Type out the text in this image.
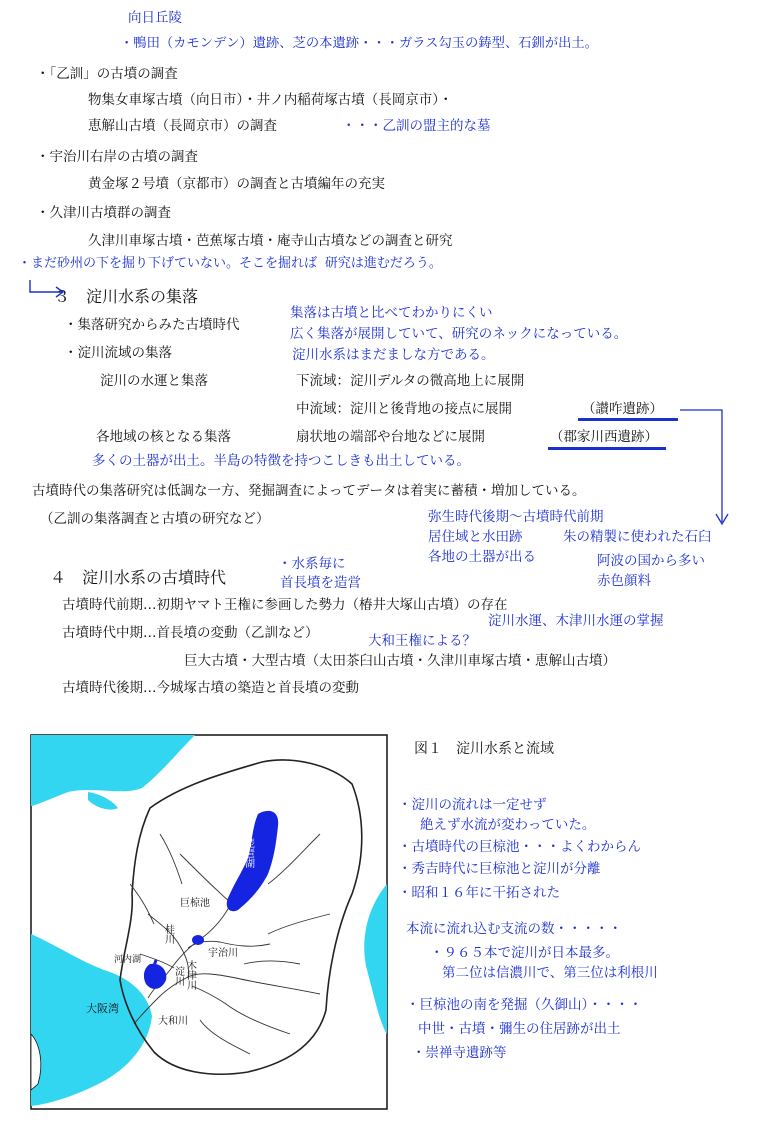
向日丘陵
・鴨田（カモンデン）遺跡、芝の本遺跡・・・ガラス勾玉の鋳型、石釧が出土。
・「乙訓」の古墳の調査
物集女車塚古墳（向日市）・井ノ内稲荷塚古墳（長岡京市）・
恵解山古墳（長岡京市）の調査	・・・乙訓の盟主的な墓
・宇治川右岸の古墳の調査
黄金塚２号墳（京都市）の調査と古墳編年の充実
・久津川古墳群の調査
久津川車塚古墳・芭蕉塚古墳・庵寺山古墳などの調査と研究
・まだ砂州の下を掘り下げていない。そこを掘れば 研究は進むだろう。
３　淀川水系の集落
・集落研究からみた古墳時代
・淀川流域の集落
集落は古墳と比べてわかりにくい
広く集落が展開していて、研究のネックになっている。
淀川水系はまだましな方である。
淀川の水運と集落	下流域：淀川デルタの微高地上に展開
中流域：淀川と後背地の接点に展開	（讃咋遺跡）
各地域の核となる集落	扇状地の端部や台地などに展開	（郡家川西遺跡）
多くの土器が出土。半島の特徴を持つこしきも出土している。
古墳時代の集落研究は低調な一方、発掘調査によってデータは着実に蓄積・増加している。
（乙訓の集落調査と古墳の研究など）	弥生時代後期～古墳時代前期
居住域と水田跡	朱の精製に使われた石臼
各地の土器が出る	阿波の国から多い
赤色顔料
・水系毎に
首長墳を造営
４　淀川水系の古墳時代
古墳時代前期…初期ヤマト王権に参画した勢力（椿井大塚山古墳）の存在
淀川水運、木津川水運の掌握
古墳時代中期…首長墳の変動（乙訓など）	大和王権による？
巨大古墳・大型古墳（太田茶臼山古墳・久津川車塚古墳・恵解山古墳）
古墳時代後期…今城塚古墳の築造と首長墳の変動
琵琶湖
巨椋池
桂川
宇治川
木津川
淀川
大和川
河内湖
大阪湾
図１　淀川水系と流域
・淀川の流れは一定せず
絶えず水流が変わっていた。
・古墳時代の巨椋池・・・よくわからん
・秀吉時代に巨椋池と淀川が分離
・昭和１６年に干拓された
本流に流れ込む支流の数・・・・・
・９６５本で淀川が日本最多。
第二位は信濃川で、第三位は利根川
・巨椋池の南を発掘（久御山）・・・・
中世・古墳・彌生の住居跡が出土
・崇禅寺遺跡等
